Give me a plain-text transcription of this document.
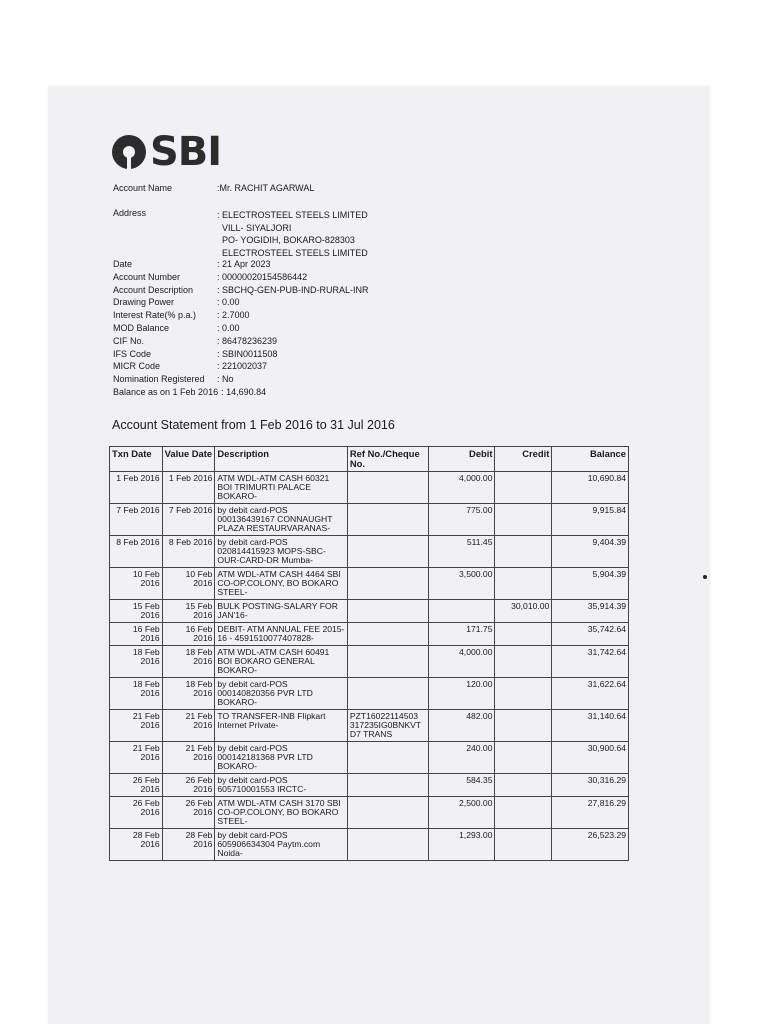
SBI
Account Name	:Mr. RACHIT AGARWAL
Address	: ELECTROSTEEL STEELS LIMITED
VILL- SIYALJORI
PO- YOGIDIH, BOKARO-828303
ELECTROSTEEL STEELS LIMITED
Date	: 21 Apr 2023
Account Number	: 00000020154586442
Account Description	: SBCHQ-GEN-PUB-IND-RURAL-INR
Drawing Power	: 0.00
Interest Rate(% p.a.)	: 2.7000
MOD Balance	: 0.00
CIF No.	: 86478236239
IFS Code	: SBIN0011508
MICR Code	: 221002037
Nomination Registered	: No
Balance as on 1 Feb 2016 : 14,690.84
Account Statement from 1 Feb 2016 to 31 Jul 2016
Txn Date	Value Date	Description	Ref No./Cheque No.	Debit	Credit	Balance
1 Feb 2016	1 Feb 2016	ATM WDL-ATM CASH 60321 BOI TRIMURTI PALACE BOKARO-		4,000.00		10,690.84
7 Feb 2016	7 Feb 2016	by debit card-POS 000136439167 CONNAUGHT PLAZA RESTAURVARANAS-		775.00		9,915.84
8 Feb 2016	8 Feb 2016	by debit card-POS 020814415923 MOPS-SBC-OUR-CARD-DR Mumba-		511.45		9,404.39
10 Feb 2016	10 Feb 2016	ATM WDL-ATM CASH 4464 SBI CO-OP.COLONY, BO BOKARO STEEL-		3,500.00		5,904.39
15 Feb 2016	15 Feb 2016	BULK POSTING-SALARY FOR JAN'16-			30,010.00	35,914.39
16 Feb 2016	16 Feb 2016	DEBIT- ATM ANNUAL FEE 2015-16 - 4591510077407828-		171.75		35,742.64
18 Feb 2016	18 Feb 2016	ATM WDL-ATM CASH 60491 BOI BOKARO GENERAL BOKARO-		4,000.00		31,742.64
18 Feb 2016	18 Feb 2016	by debit card-POS 000140820356 PVR LTD BOKARO-		120.00		31,622.64
21 Feb 2016	21 Feb 2016	TO TRANSFER-INB Flipkart Internet Private-	PZT16022114503 317235IG0BNKVT D7 TRANS	482.00		31,140.64
21 Feb 2016	21 Feb 2016	by debit card-POS 000142181368 PVR LTD BOKARO-		240.00		30,900.64
26 Feb 2016	26 Feb 2016	by debit card-POS 605710001553 IRCTC-		584.35		30,316.29
26 Feb 2016	26 Feb 2016	ATM WDL-ATM CASH 3170 SBI CO-OP.COLONY, BO BOKARO STEEL-		2,500.00		27,816.29
28 Feb 2016	28 Feb 2016	by debit card-POS 605906634304 Paytm.com Noida-		1,293.00		26,523.29
